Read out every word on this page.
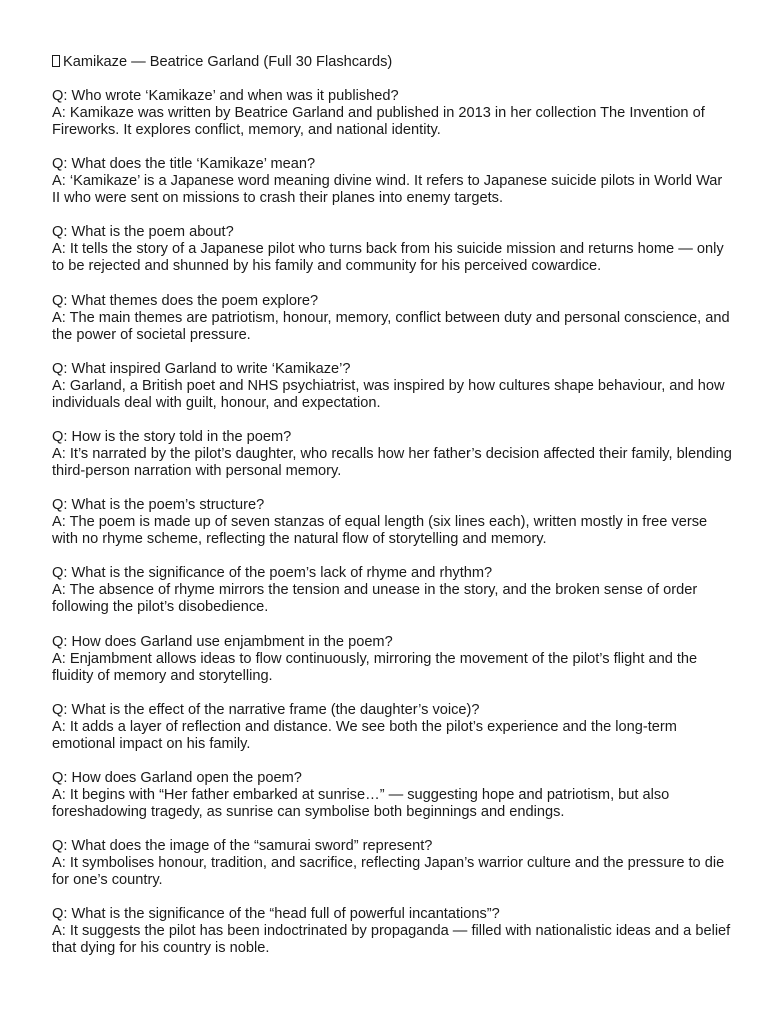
Kamikaze — Beatrice Garland (Full 30 Flashcards)
Q: Who wrote ‘Kamikaze’ and when was it published?
A: Kamikaze was written by Beatrice Garland and published in 2013 in her collection The Invention of Fireworks. It explores conflict, memory, and national identity.
Q: What does the title ‘Kamikaze’ mean?
A: ‘Kamikaze’ is a Japanese word meaning divine wind. It refers to Japanese suicide pilots in World War II who were sent on missions to crash their planes into enemy targets.
Q: What is the poem about?
A: It tells the story of a Japanese pilot who turns back from his suicide mission and returns home — only to be rejected and shunned by his family and community for his perceived cowardice.
Q: What themes does the poem explore?
A: The main themes are patriotism, honour, memory, conflict between duty and personal conscience, and the power of societal pressure.
Q: What inspired Garland to write ‘Kamikaze’?
A: Garland, a British poet and NHS psychiatrist, was inspired by how cultures shape behaviour, and how individuals deal with guilt, honour, and expectation.
Q: How is the story told in the poem?
A: It’s narrated by the pilot’s daughter, who recalls how her father’s decision affected their family, blending third-person narration with personal memory.
Q: What is the poem’s structure?
A: The poem is made up of seven stanzas of equal length (six lines each), written mostly in free verse with no rhyme scheme, reflecting the natural flow of storytelling and memory.
Q: What is the significance of the poem’s lack of rhyme and rhythm?
A: The absence of rhyme mirrors the tension and unease in the story, and the broken sense of order following the pilot’s disobedience.
Q: How does Garland use enjambment in the poem?
A: Enjambment allows ideas to flow continuously, mirroring the movement of the pilot’s flight and the fluidity of memory and storytelling.
Q: What is the effect of the narrative frame (the daughter’s voice)?
A: It adds a layer of reflection and distance. We see both the pilot’s experience and the long-term emotional impact on his family.
Q: How does Garland open the poem?
A: It begins with “Her father embarked at sunrise…” — suggesting hope and patriotism, but also foreshadowing tragedy, as sunrise can symbolise both beginnings and endings.
Q: What does the image of the “samurai sword” represent?
A: It symbolises honour, tradition, and sacrifice, reflecting Japan’s warrior culture and the pressure to die for one’s country.
Q: What is the significance of the “head full of powerful incantations”?
A: It suggests the pilot has been indoctrinated by propaganda — filled with nationalistic ideas and a belief that dying for his country is noble.
